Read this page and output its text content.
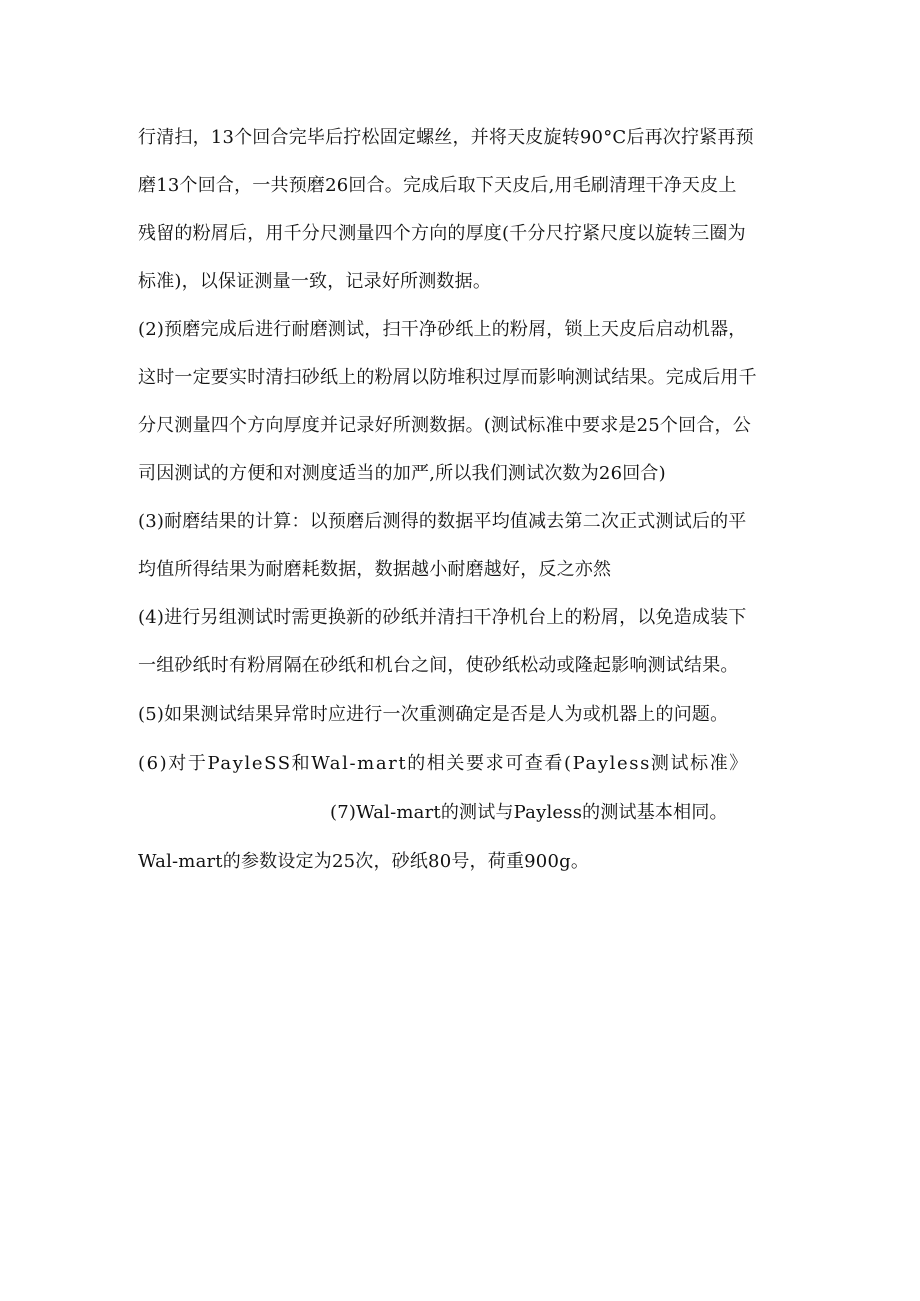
行清扫，13个回合完毕后拧松固定螺丝，并将天皮旋转90°C后再次拧紧再预

磨13个回合，一共预磨26回合。完成后取下天皮后,用毛刷清理干净天皮上

残留的粉屑后，用千分尺测量四个方向的厚度(千分尺拧紧尺度以旋转三圈为

标准)，以保证测量一致，记录好所测数据。

(2)预磨完成后进行耐磨测试，扫干净砂纸上的粉屑，锁上天皮后启动机器，

这时一定要实时清扫砂纸上的粉屑以防堆积过厚而影响测试结果。完成后用千

分尺测量四个方向厚度并记录好所测数据。(测试标准中要求是25个回合，公

司因测试的方便和对测度适当的加严,所以我们测试次数为26回合)

(3)耐磨结果的计算：以预磨后测得的数据平均值减去第二次正式测试后的平

均值所得结果为耐磨耗数据，数据越小耐磨越好，反之亦然

(4)进行另组测试时需更换新的砂纸并清扫干净机台上的粉屑，以免造成装下

一组砂纸时有粉屑隔在砂纸和机台之间，使砂纸松动或隆起影响测试结果。

(5)如果测试结果异常时应进行一次重测确定是否是人为或机器上的问题。

(6)对于PayleSS和Wal-mart的相关要求可查看(Payless测试标准》

(7)Wal-mart的测试与Payless的测试基本相同。

Wal-mart的参数设定为25次，砂纸80号，荷重900g。
